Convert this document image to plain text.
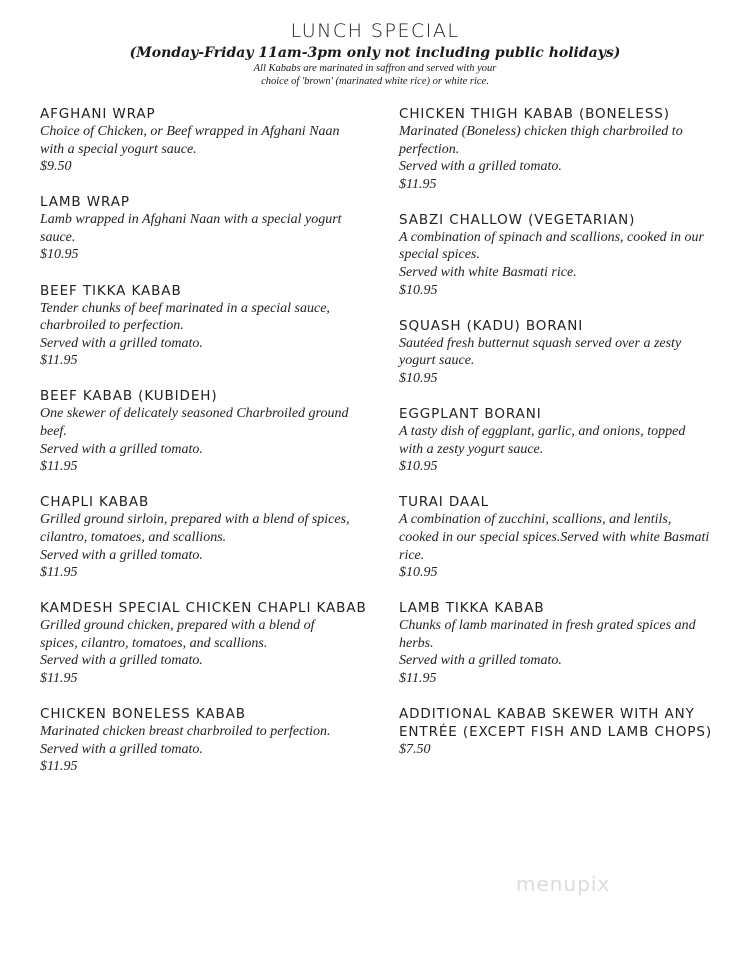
LUNCH SPECIAL
(Monday-Friday 11am-3pm only not including public holidays)
All Kababs are marinated in saffron and served with your
choice of 'brown' (marinated white rice) or white rice.
AFGHANI WRAP
Choice of Chicken, or Beef wrapped in Afghani Naan
with a special yogurt sauce.
$9.50
LAMB WRAP
Lamb wrapped in Afghani Naan with a special yogurt
sauce.
$10.95
BEEF TIKKA KABAB
Tender chunks of beef marinated in a special sauce,
charbroiled to perfection.
Served with a grilled tomato.
$11.95
BEEF KABAB (KUBIDEH)
One skewer of delicately seasoned Charbroiled ground
beef.
Served with a grilled tomato.
$11.95
CHAPLI KABAB
Grilled ground sirloin, prepared with a blend of spices,
cilantro, tomatoes, and scallions.
Served with a grilled tomato.
$11.95
KAMDESH SPECIAL CHICKEN CHAPLI KABAB
Grilled ground chicken, prepared with a blend of
spices, cilantro, tomatoes, and scallions.
Served with a grilled tomato.
$11.95
CHICKEN BONELESS KABAB
Marinated chicken breast charbroiled to perfection.
Served with a grilled tomato.
$11.95
CHICKEN THIGH KABAB (BONELESS)
Marinated (Boneless) chicken thigh charbroiled to
perfection.
Served with a grilled tomato.
$11.95
SABZI CHALLOW (VEGETARIAN)
A combination of spinach and scallions, cooked in our
special spices.
Served with white Basmati rice.
$10.95
SQUASH (KADU) BORANI
Sautéed fresh butternut squash served over a zesty
yogurt sauce.
$10.95
EGGPLANT BORANI
A tasty dish of eggplant, garlic, and onions, topped
with a zesty yogurt sauce.
$10.95
TURAI DAAL
A combination of zucchini, scallions, and lentils,
cooked in our special spices.Served with white Basmati
rice.
$10.95
LAMB TIKKA KABAB
Chunks of lamb marinated in fresh grated spices and
herbs.
Served with a grilled tomato.
$11.95
ADDITIONAL KABAB SKEWER WITH ANY ENTRÉE (EXCEPT FISH AND LAMB CHOPS)
$7.50
menupix
